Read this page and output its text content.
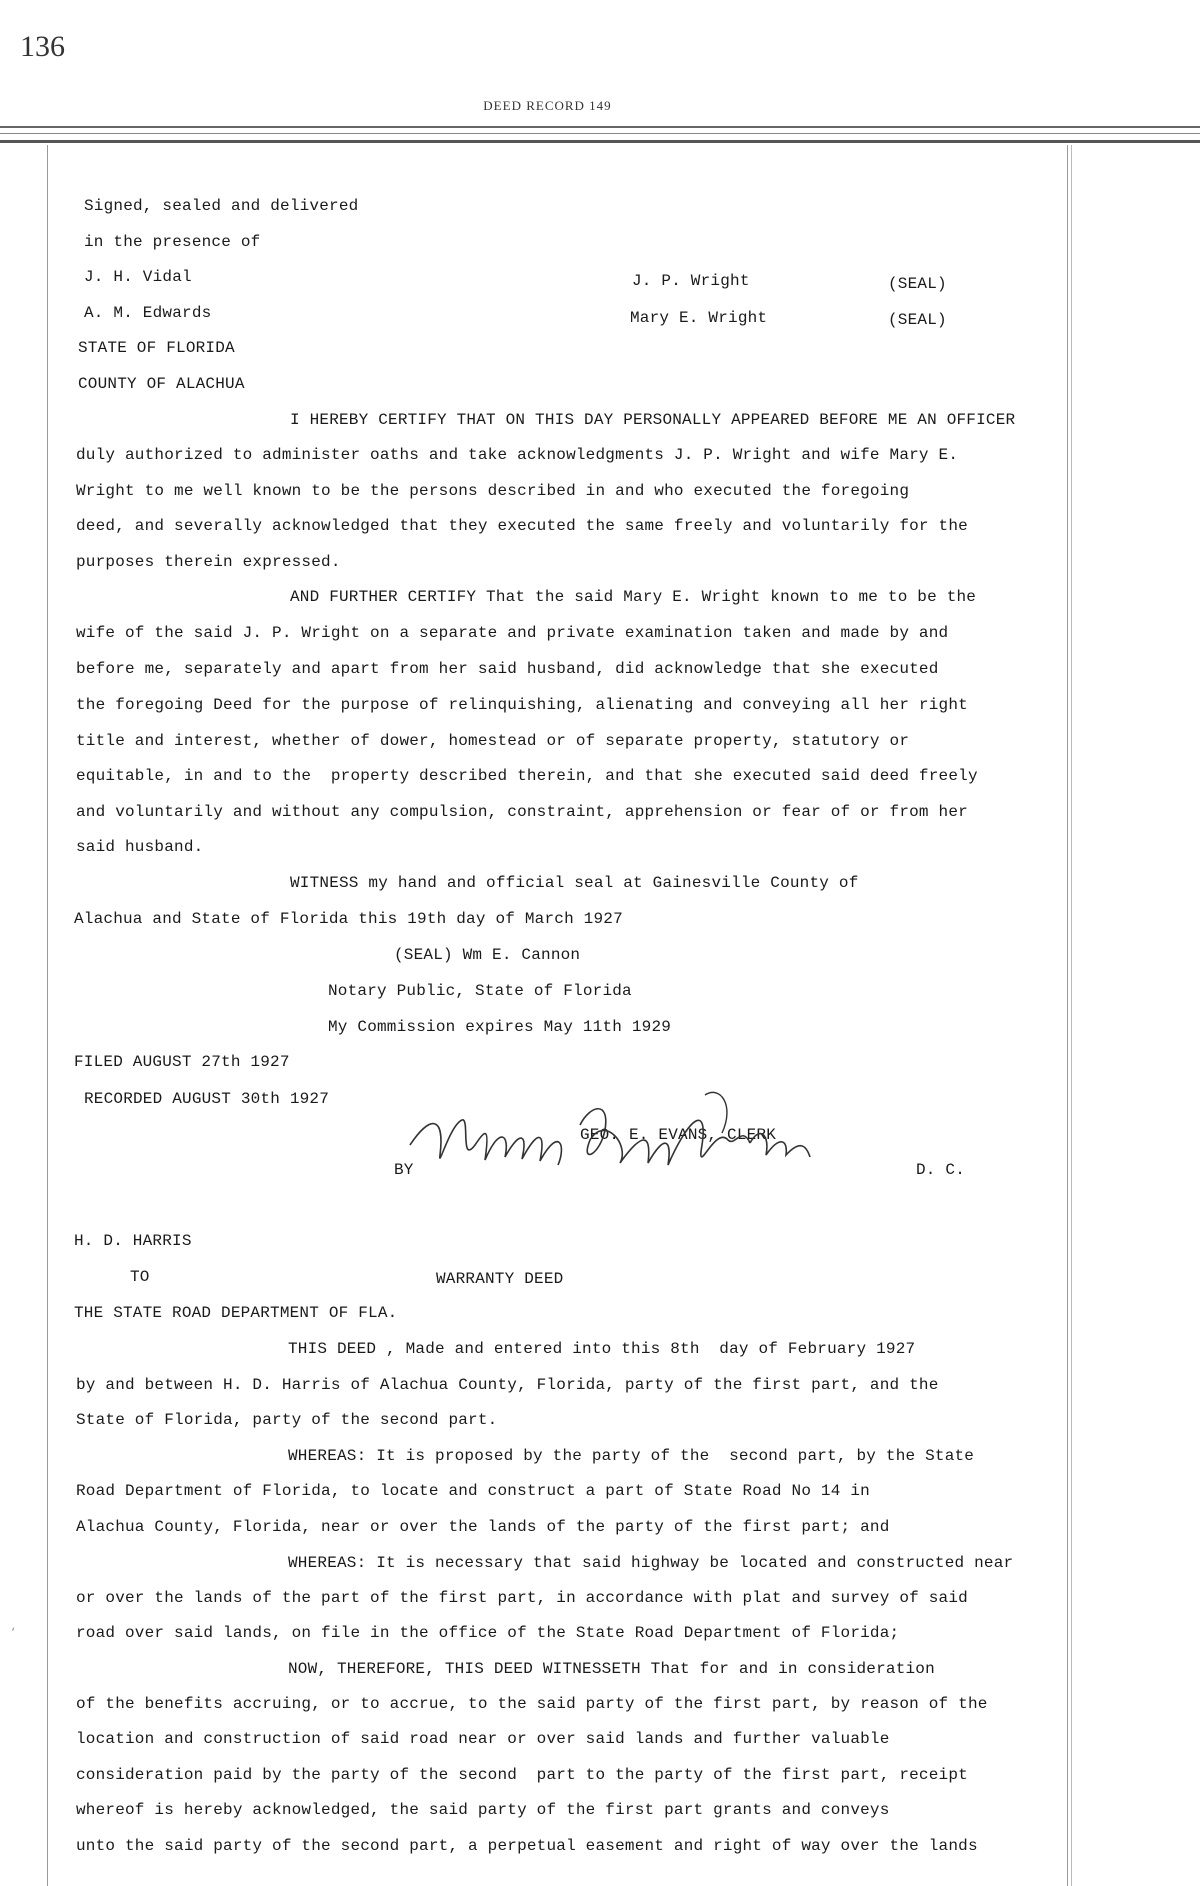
136
DEED RECORD 149
Signed, sealed and delivered
in the presence of
J. H. Vidal
A. M. Edwards
J. P. Wright
Mary E. Wright
(SEAL)
(SEAL)
STATE OF FLORIDA
COUNTY OF ALACHUA
I HEREBY CERTIFY THAT ON THIS DAY PERSONALLY APPEARED BEFORE ME AN OFFICER
duly authorized to administer oaths and take acknowledgments J. P. Wright and wife Mary E.
Wright to me well known to be the persons described in and who executed the foregoing
deed, and severally acknowledged that they executed the same freely and voluntarily for the
purposes therein expressed.
AND FURTHER CERTIFY That the said Mary E. Wright known to me to be the
wife of the said J. P. Wright on a separate and private examination taken and made by and
before me, separately and apart from her said husband, did acknowledge that she executed
the foregoing Deed for the purpose of relinquishing, alienating and conveying all her right
title and interest, whether of dower, homestead or of separate property, statutory or
equitable, in and to the  property described therein, and that she executed said deed freely
and voluntarily and without any compulsion, constraint, apprehension or fear of or from her
said husband.
WITNESS my hand and official seal at Gainesville County of
Alachua and State of Florida this 19th day of March 1927
(SEAL) Wm E. Cannon
Notary Public, State of Florida
My Commission expires May 11th 1929
FILED AUGUST 27th 1927
RECORDED AUGUST 30th 1927
GEO. E. EVANS, CLERK
BY	D. C.
H. D. HARRIS
TO	WARRANTY DEED
THE STATE ROAD DEPARTMENT OF FLA.
THIS DEED , Made and entered into this 8th  day of February 1927
by and between H. D. Harris of Alachua County, Florida, party of the first part, and the
State of Florida, party of the second part.
WHEREAS: It is proposed by the party of the  second part, by the State
Road Department of Florida, to locate and construct a part of State Road No 14 in
Alachua County, Florida, near or over the lands of the party of the first part; and
WHEREAS: It is necessary that said highway be located and constructed near
or over the lands of the part of the first part, in accordance with plat and survey of said
road over said lands, on file in the office of the State Road Department of Florida;
NOW, THEREFORE, THIS DEED WITNESSETH That for and in consideration
of the benefits accruing, or to accrue, to the said party of the first part, by reason of the
location and construction of said road near or over said lands and further valuable
consideration paid by the party of the second  part to the party of the first part, receipt
whereof is hereby acknowledged, the said party of the first part grants and conveys
unto the said party of the second part, a perpetual easement and right of way over the lands
‘
